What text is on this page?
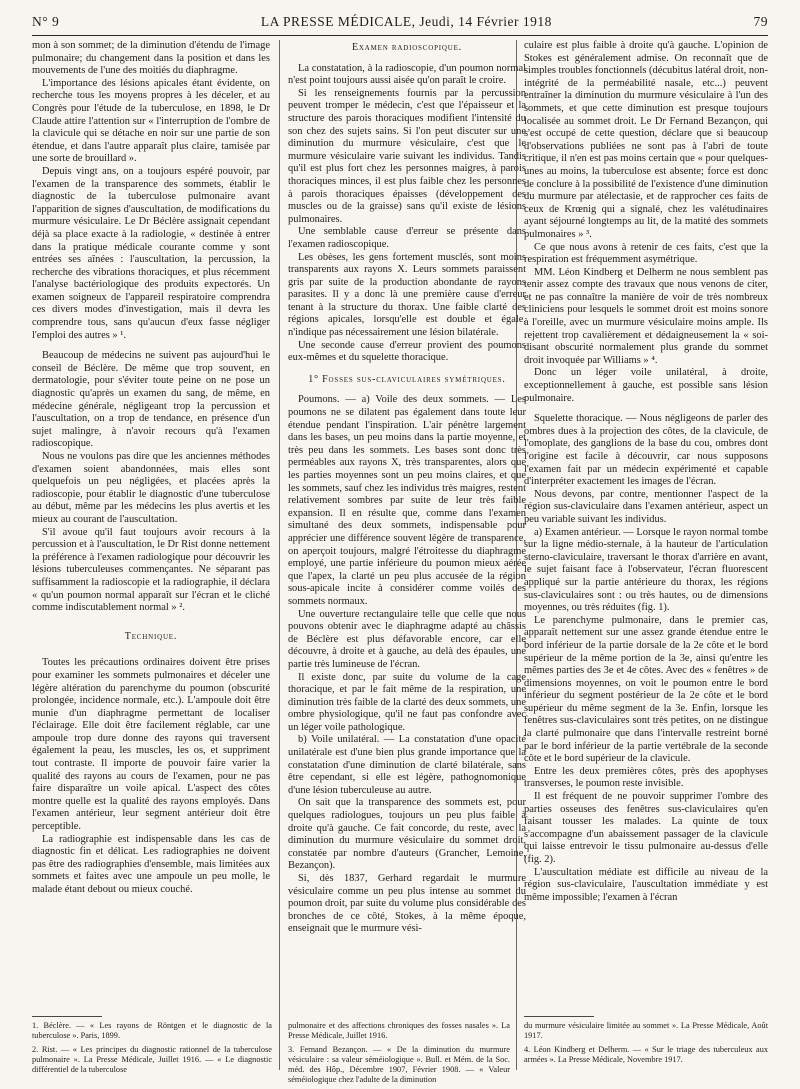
N° 9	LA PRESSE MÉDICALE, Jeudi, 14 Février 1918	79

mon à son sommet; de la diminution d'étendu de l'image pulmonaire; du changement dans la position et dans les mouvements de l'une des moitiés du diaphragme.

L'importance des lésions apicales étant évidente, on recherche tous les moyens propres à les déceler, et au Congrès pour l'étude de la tuberculose, en 1898, le Dr Claude attire l'attention sur « l'interruption de l'ombre de la clavicule qui se détache en noir sur une partie de son étendue, et dans l'autre apparaît plus claire, tamisée par une sorte de brouillard ».

Depuis vingt ans, on a toujours espéré pouvoir, par l'examen de la transparence des sommets, établir le diagnostic de la tuberculose pulmonaire avant l'apparition de signes d'auscultation, de modifications du murmure vésiculaire. Le Dr Béclère assignait cependant déjà sa place exacte à la radiologie, « destinée à entrer dans la pratique médicale courante comme y sont entrées ses aînées : l'auscultation, la percussion, la recherche des vibrations thoraciques, et plus récemment l'analyse bactériologique des produits expectorés. Un examen soigneux de l'appareil respiratoire comprendra ces divers modes d'investigation, mais il devra les comprendre tous, sans qu'aucun d'eux fasse négliger l'emploi des autres » ¹.

Beaucoup de médecins ne suivent pas aujourd'hui le conseil de Béclère. De même que trop souvent, en dermatologie, pour s'éviter toute peine on ne pose un diagnostic qu'après un examen du sang, de même, en médecine générale, négligeant trop la percussion et l'auscultation, on a trop de tendance, en présence d'un sujet malingre, à n'avoir recours qu'à l'examen radioscopique.

Nous ne voulons pas dire que les anciennes méthodes d'examen soient abandonnées, mais elles sont quelquefois un peu négligées, et placées après la radioscopie, pour établir le diagnostic d'une tuberculose au début, même par les médecins les plus avertis et les mieux au courant de l'auscultation.

S'il avoue qu'il faut toujours avoir recours à la percussion et à l'auscultation, le Dr Rist donne nettement la préférence à l'examen radiologique pour découvrir les lésions tuberculeuses commençantes. Ne séparant pas suffisamment la radioscopie et la radiographie, il déclara « qu'un poumon normal apparaît sur l'écran et le cliché comme indiscutablement normal » ².

Technique.

Toutes les précautions ordinaires doivent être prises pour examiner les sommets pulmonaires et déceler une légère altération du parenchyme du poumon (obscurité prolongée, incidence normale, etc.). L'ampoule doit être munie d'un diaphragme permettant de localiser l'éclairage. Elle doit être facilement réglable, car une ampoule trop dure donne des rayons qui traversent également la peau, les muscles, les os, et suppriment tout contraste. Il importe de pouvoir faire varier la qualité des rayons au cours de l'examen, pour ne pas faire disparaître un voile apical. L'aspect des côtes montre quelle est la qualité des rayons employés. Dans l'examen antérieur, leur segment antérieur doit être perceptible.

La radiographie est indispensable dans les cas de diagnostic fin et délicat. Les radiographies ne doivent pas être des radiographies d'ensemble, mais limitées aux sommets et faites avec une ampoule un peu molle, le malade étant debout ou mieux couché.

Examen radioscopique.

La constatation, à la radioscopie, d'un poumon normal n'est point toujours aussi aisée qu'on paraît le croire.

Si les renseignements fournis par la percussion peuvent tromper le médecin, c'est que l'épaisseur et la structure des parois thoraciques modifient l'intensité du son chez des sujets sains. Si l'on peut discuter sur une diminution du murmure vésiculaire, c'est que le murmure vésiculaire varie suivant les individus. Tandis qu'il est plus fort chez les personnes maigres, à parois thoraciques minces, il est plus faible chez les personnes à parois thoraciques épaisses (développement des muscles ou de la graisse) sans qu'il existe de lésions pulmonaires.

Une semblable cause d'erreur se présente dans l'examen radioscopique.

Les obèses, les gens fortement musclés, sont moins transparents aux rayons X. Leurs sommets paraissent gris par suite de la production abondante de rayons parasites. Il y a donc là une première cause d'erreur tenant à la structure du thorax. Une faible clarté des régions apicales, lorsqu'elle est double et égale, n'indique pas nécessairement une lésion bilatérale.

Une seconde cause d'erreur provient des poumons eux-mêmes et du squelette thoracique.

1° Fosses sus-claviculaires symétriques.

Poumons. — a) Voile des deux sommets. — Les poumons ne se dilatent pas également dans toute leur étendue pendant l'inspiration. L'air pénètre largement dans les bases, un peu moins dans la partie moyenne, et très peu dans les sommets. Les bases sont donc très perméables aux rayons X, très transparentes, alors que les parties moyennes sont un peu moins claires, et que les sommets, sauf chez les individus très maigres, restent relativement sombres par suite de leur très faible expansion. Il en résulte que, comme dans l'examen simultané des deux sommets, indispensable pour apprécier une différence souvent légère de transparence, on aperçoit toujours, malgré l'étroitesse du diaphragme employé, une partie inférieure du poumon mieux aérée que l'apex, la clarté un peu plus accusée de la région sous-apicale incite à considérer comme voilés des sommets normaux.

Une ouverture rectangulaire telle que celle que nous pouvons obtenir avec le diaphragme adapté au châssis de Béclère est plus défavorable encore, car elle découvre, à droite et à gauche, au delà des épaules, une partie très lumineuse de l'écran.

Il existe donc, par suite du volume de la cage thoracique, et par le fait même de la respiration, une diminution très faible de la clarté des deux sommets, une ombre physiologique, qu'il ne faut pas confondre avec un léger voile pathologique.

b) Voile unilatéral. — La constatation d'une opacité unilatérale est d'une bien plus grande importance que la constatation d'une diminution de clarté bilatérale, sans être cependant, si elle est légère, pathognomonique d'une lésion tuberculeuse au autre.

On sait que la transparence des sommets est, pour quelques radiologues, toujours un peu plus faible à droite qu'à gauche. Ce fait concorde, du reste, avec la diminution du murmure vésiculaire du sommet droit, constatée par nombre d'auteurs (Grancher, Lemoine, Bezançon).

Si, dès 1837, Gerhard regardait le murmure vésiculaire comme un peu plus intense au sommet du poumon droit, par suite du volume plus considérable des bronches de ce côté, Stokes, à la même époque, enseignait que le murmure vési-

culaire est plus faible à droite qu'à gauche. L'opinion de Stokes est généralement admise. On reconnaît que de simples troubles fonctionnels (décubitus latéral droit, non-intégrité de la perméabilité nasale, etc...) peuvent entraîner la diminution du murmure vésiculaire à l'un des sommets, et que cette diminution est presque toujours localisée au sommet droit. Le Dr Fernand Bezançon, qui s'est occupé de cette question, déclare que si beaucoup d'observations publiées ne sont pas à l'abri de toute critique, il n'en est pas moins certain que « pour quelques-unes au moins, la tuberculose est absente; force est donc de conclure à la possibilité de l'existence d'une diminution du murmure par atélectasie, et de rapprocher ces faits de ceux de Krœnig qui a signalé, chez les valétudinaires ayant séjourné longtemps au lit, de la matité des sommets pulmonaires » ³.

Ce que nous avons à retenir de ces faits, c'est que la respiration est fréquemment asymétrique.

MM. Léon Kindberg et Delherm ne nous semblent pas tenir assez compte des travaux que nous venons de citer, et ne pas connaître la manière de voir de très nombreux cliniciens pour lesquels le sommet droit est moins sonore à l'oreille, avec un murmure vésiculaire moins ample. Ils rejettent trop cavalièrement et dédaigneusement la « soi-disant obscurité normalement plus grande du sommet droit invoquée par Williams » ⁴.

Donc un léger voile unilatéral, à droite, exceptionnellement à gauche, est possible sans lésion pulmonaire.

Squelette thoracique. — Nous négligeons de parler des ombres dues à la projection des côtes, de la clavicule, de l'omoplate, des ganglions de la base du cou, ombres dont l'origine est facile à découvrir, car nous supposons l'examen fait par un médecin expérimenté et capable d'interpréter exactement les images de l'écran.

Nous devons, par contre, mentionner l'aspect de la région sus-claviculaire dans l'examen antérieur, aspect un peu variable suivant les individus.

a) Examen antérieur. — Lorsque le rayon normal tombe sur la ligne médio-sternale, à la hauteur de l'articulation sterno-claviculaire, traversant le thorax d'arrière en avant, le sujet faisant face à l'observateur, l'écran fluorescent appliqué sur la partie antérieure du thorax, les régions sus-claviculaires sont : ou très hautes, ou de dimensions moyennes, ou très réduites (fig. 1).

Le parenchyme pulmonaire, dans le premier cas, apparaît nettement sur une assez grande étendue entre le bord inférieur de la partie dorsale de la 2e côte et le bord supérieur de la même portion de la 3e, ainsi qu'entre les mêmes parties des 3e et 4e côtes. Avec des « fenêtres » de dimensions moyennes, on voit le poumon entre le bord inférieur du segment postérieur de la 2e côte et le bord supérieur du même segment de la 3e. Enfin, lorsque les fenêtres sus-claviculaires sont très petites, on ne distingue la clarté pulmonaire que dans l'intervalle restreint borné par le bord inférieur de la partie vertébrale de la seconde côte et le bord supérieur de la clavicule.

Entre les deux premières côtes, près des apophyses transverses, le poumon reste invisible.

Il est fréquent de ne pouvoir supprimer l'ombre des parties osseuses des fenêtres sus-claviculaires qu'en faisant tousser les malades. La quinte de toux s'accompagne d'un abaissement passager de la clavicule qui laisse entrevoir le tissu pulmonaire au-dessus d'elle (fig. 2).

L'auscultation médiate est difficile au niveau de la région sus-claviculaire, l'auscultation immédiate y est même impossible; l'examen à l'écran

1. Béclère. — « Les rayons de Röntgen et le diagnostic de la tuberculose ». Paris, 1899.

2. Rist. — « Les principes du diagnostic rationnel de la tuberculose pulmonaire ». La Presse Médicale, Juillet 1916. — « Le diagnostic différentiel de la tuberculose

pulmonaire et des affections chroniques des fosses nasales ». La Presse Médicale, Juillet 1916.

3. Fernand Bezançon. — « De la diminution du murmure vésiculaire : sa valeur séméiologique ». Bull. et Mém. de la Soc. méd. des Hôp., Décembre 1907, Février 1908. — « Valeur séméiologique chez l'adulte de la diminution

du murmure vésiculaire limitée au sommet ». La Presse Médicale, Août 1917.

4. Léon Kindberg et Delherm. — « Sur le triage des tuberculeux aux armées ». La Presse Médicale, Novembre 1917.
